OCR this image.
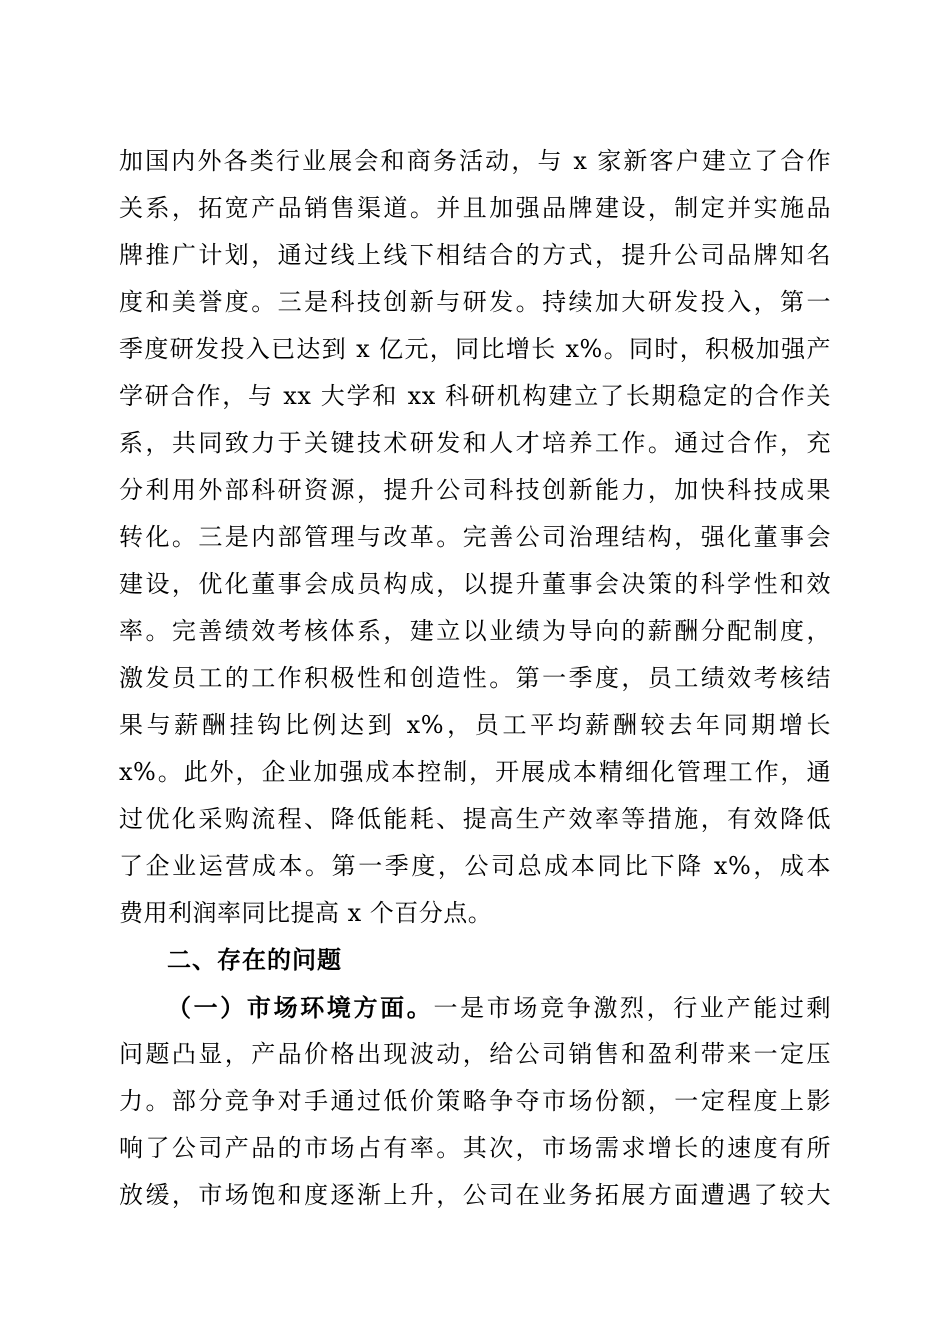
加国内外各类行业展会和商务活动，与 x 家新客户建立了合作
关系，拓宽产品销售渠道。并且加强品牌建设，制定并实施品
牌推广计划，通过线上线下相结合的方式，提升公司品牌知名
度和美誉度。三是科技创新与研发。持续加大研发投入，第一
季度研发投入已达到 x 亿元，同比增长 x%。同时，积极加强产
学研合作，与 xx 大学和 xx 科研机构建立了长期稳定的合作关
系，共同致力于关键技术研发和人才培养工作。通过合作，充
分利用外部科研资源，提升公司科技创新能力，加快科技成果
转化。三是内部管理与改革。完善公司治理结构，强化董事会
建设，优化董事会成员构成，以提升董事会决策的科学性和效
率。完善绩效考核体系，建立以业绩为导向的薪酬分配制度，
激发员工的工作积极性和创造性。第一季度，员工绩效考核结
果与薪酬挂钩比例达到 x%，员工平均薪酬较去年同期增长
x%。此外，企业加强成本控制，开展成本精细化管理工作，通
过优化采购流程、降低能耗、提高生产效率等措施，有效降低
了企业运营成本。第一季度，公司总成本同比下降 x%，成本
费用利润率同比提高 x 个百分点。
二、存在的问题
（一）市场环境方面。一是市场竞争激烈，行业产能过剩
问题凸显，产品价格出现波动，给公司销售和盈利带来一定压
力。部分竞争对手通过低价策略争夺市场份额，一定程度上影
响了公司产品的市场占有率。其次，市场需求增长的速度有所
放缓，市场饱和度逐渐上升，公司在业务拓展方面遭遇了较大
